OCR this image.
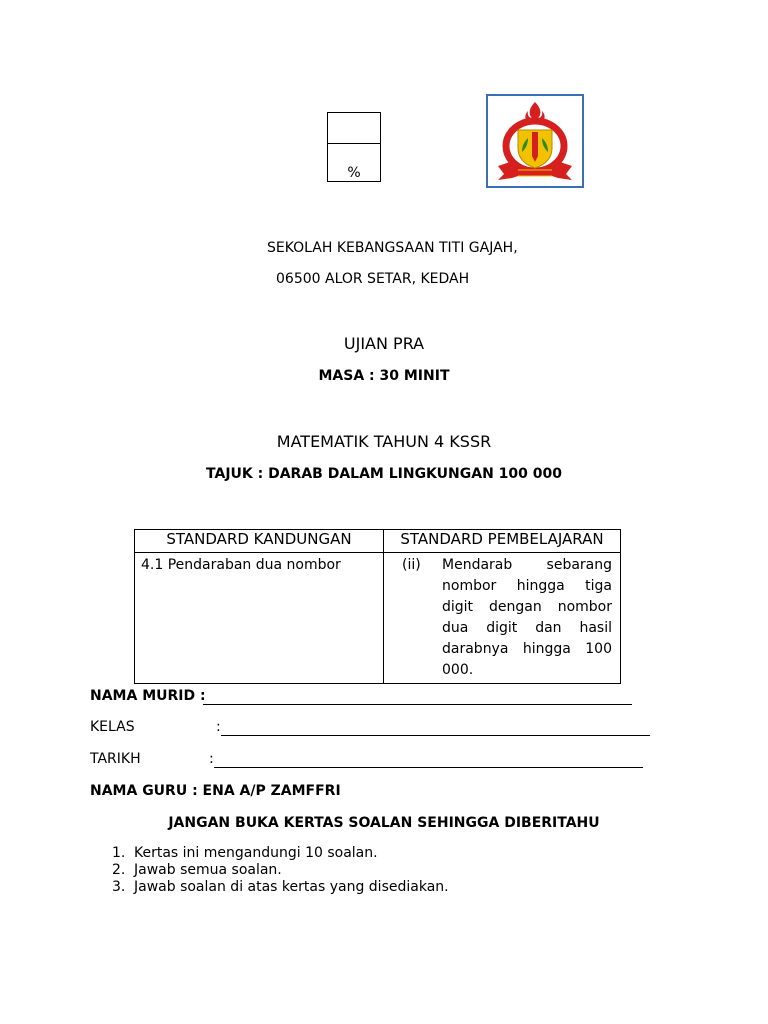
%
SEKOLAH KEBANGSAAN TITI GAJAH,
06500 ALOR SETAR, KEDAH
UJIAN PRA
MASA : 30 MINIT
MATEMATIK TAHUN 4 KSSR
TAJUK : DARAB DALAM LINGKUNGAN 100 000
STANDARD KANDUNGAN	STANDARD PEMBELAJARAN
4.1 Pendaraban dua nombor	(ii) Mendarab sebarang nombor hingga tiga digit dengan nombor dua digit dan hasil darabnya hingga 100 000.
NAMA MURID :
KELAS	:
TARIKH	:
NAMA GURU : ENA A/P ZAMFFRI
JANGAN BUKA KERTAS SOALAN SEHINGGA DIBERITAHU
1. Kertas ini mengandungi 10 soalan.
2. Jawab semua soalan.
3. Jawab soalan di atas kertas yang disediakan.
